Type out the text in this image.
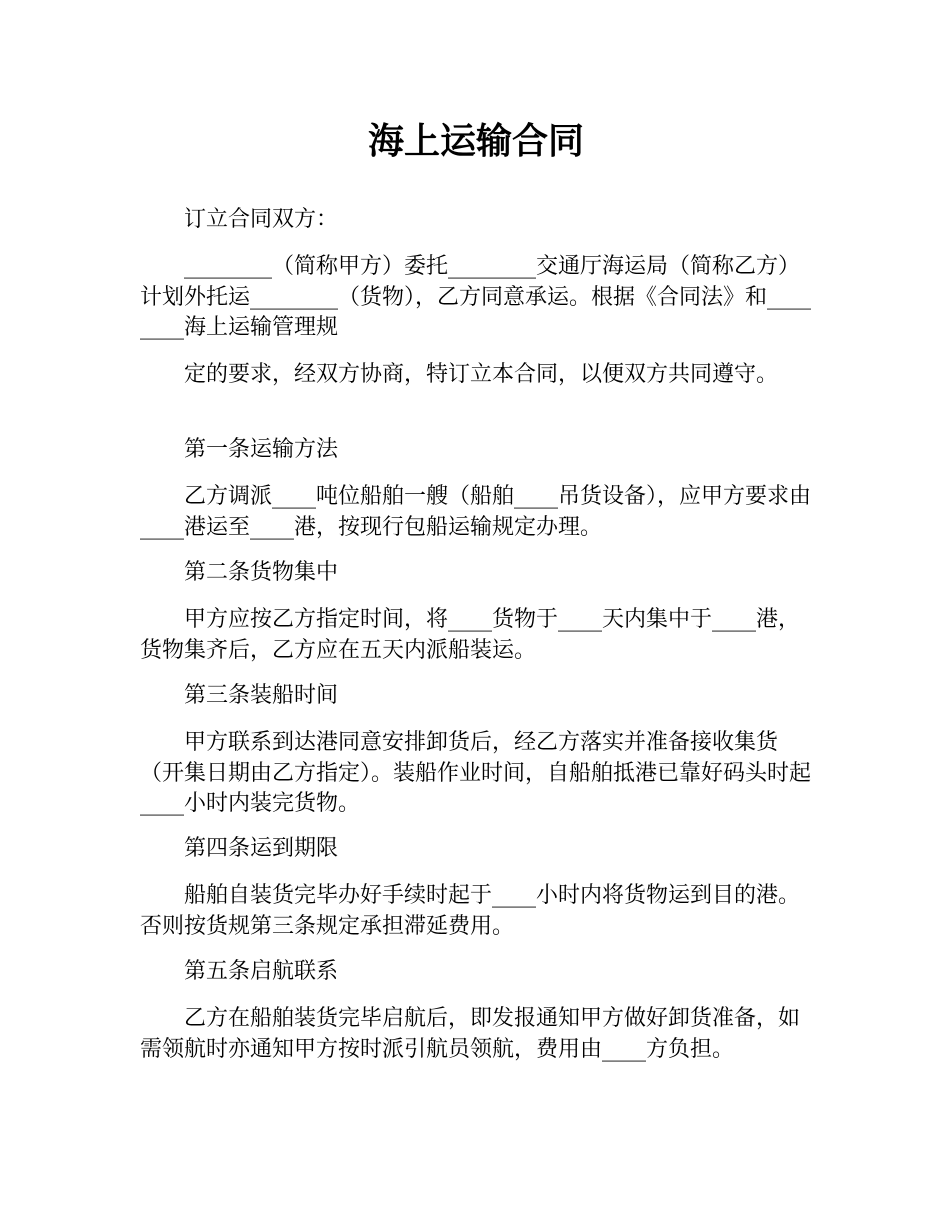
海上运输合同

订立合同双方：

________（简称甲方）委托________交通厅海运局（简称乙方）计划外托运________（货物），乙方同意承运。根据《合同法》和________海上运输管理规

定的要求，经双方协商，特订立本合同，以便双方共同遵守。

第一条运输方法

乙方调派____吨位船舶一艘（船舶____吊货设备），应甲方要求由____港运至____港，按现行包船运输规定办理。

第二条货物集中

甲方应按乙方指定时间，将____货物于____天内集中于____港，货物集齐后，乙方应在五天内派船装运。

第三条装船时间

甲方联系到达港同意安排卸货后，经乙方落实并准备接收集货（开集日期由乙方指定）。装船作业时间，自船舶抵港已靠好码头时起____小时内装完货物。

第四条运到期限

船舶自装货完毕办好手续时起于____小时内将货物运到目的港。否则按货规第三条规定承担滞延费用。

第五条启航联系

乙方在船舶装货完毕启航后，即发报通知甲方做好卸货准备，如需领航时亦通知甲方按时派引航员领航，费用由____方负担。
